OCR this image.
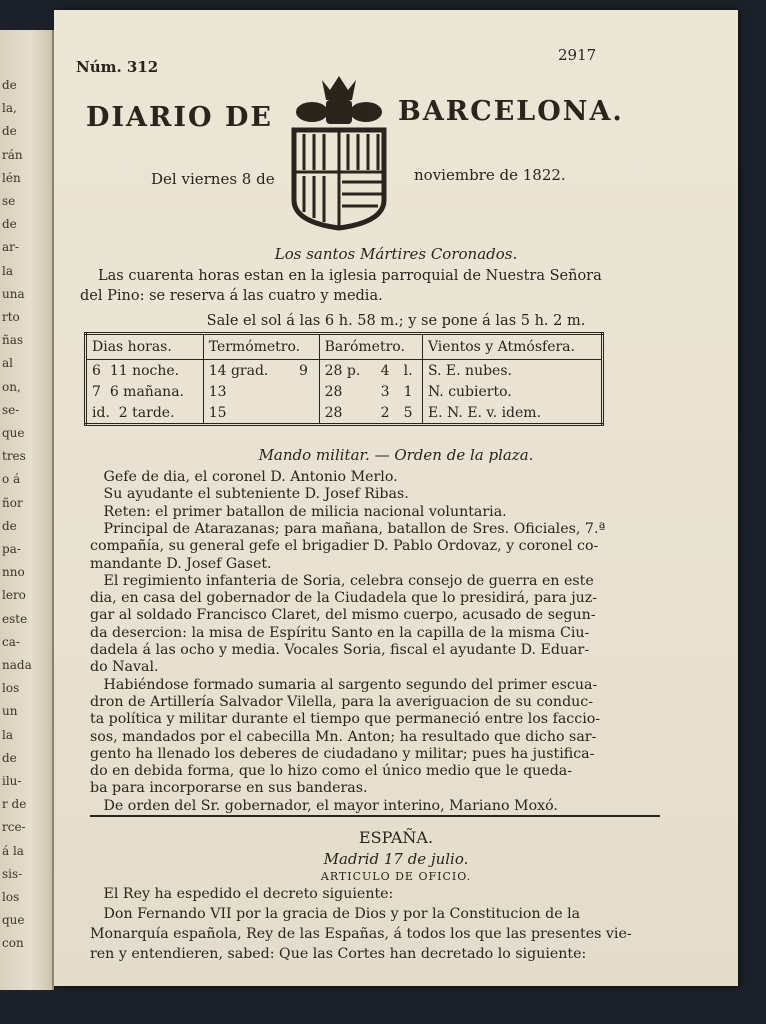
de
la,
de
rán
lén
se
de
ar-
la
una
rto
ñas
al
on,
se-
que
tres
o á
ñor
de
pa-
nno
lero
este
ca-
nada
los
un
la
de
ilu-
r de
rce-
á la
sis-
los
que
con
Núm. 312
2917
DIARIO DE	BARCELONA.
Del viernes 8 de	noviembre de 1822.
Los santos Mártires Coronados.
Las cuarenta horas estan en la iglesia parroquial de Nuestra Señora
del Pino: se reserva á las cuatro y media.
Sale el sol á las 6 h. 58 m.; y se pone á las 5 h. 2 m.
Dias horas.	Termómetro.		Barómetro.			Vientos y Atmósfera.
6 11 noche.	14 grad.	9	28 p.	4	l.	S. E. nubes.
7 6 mañana.	13		28	3	1	N. cubierto.
id. 2 tarde.	15		28	2	5	E. N. E. v. idem.
Mando militar. — Orden de la plaza.
Gefe de dia, el coronel D. Antonio Merlo.
Su ayudante el subteniente D. Josef Ribas.
Reten: el primer batallon de milicia nacional voluntaria.
Principal de Atarazanas; para mañana, batallon de Sres. Oficiales, 7.ª
compañía, su general gefe el brigadier D. Pablo Ordovaz, y coronel co-
mandante D. Josef Gaset.
El regimiento infanteria de Soria, celebra consejo de guerra en este
dia, en casa del gobernador de la Ciudadela que lo presidirá, para juz-
gar al soldado Francisco Claret, del mismo cuerpo, acusado de segun-
da desercion: la misa de Espíritu Santo en la capilla de la misma Ciu-
dadela á las ocho y media. Vocales Soria, fiscal el ayudante D. Eduar-
do Naval.
Habiéndose formado sumaria al sargento segundo del primer escua-
dron de Artillería Salvador Vilella, para la averiguacion de su conduc-
ta política y militar durante el tiempo que permaneció entre los faccio-
sos, mandados por el cabecilla Mn. Anton; ha resultado que dicho sar-
gento ha llenado los deberes de ciudadano y militar; pues ha justifica-
do en debida forma, que lo hizo como el único medio que le queda-
ba para incorporarse en sus banderas.
De orden del Sr. gobernador, el mayor interino, Mariano Moxó.
ESPAÑA.
Madrid 17 de julio.
ARTICULO DE OFICIO.
El Rey ha espedido el decreto siguiente:
Don Fernando VII por la gracia de Dios y por la Constitucion de la
Monarquía española, Rey de las Españas, á todos los que las presentes vie-
ren y entendieren, sabed: Que las Cortes han decretado lo siguiente:
